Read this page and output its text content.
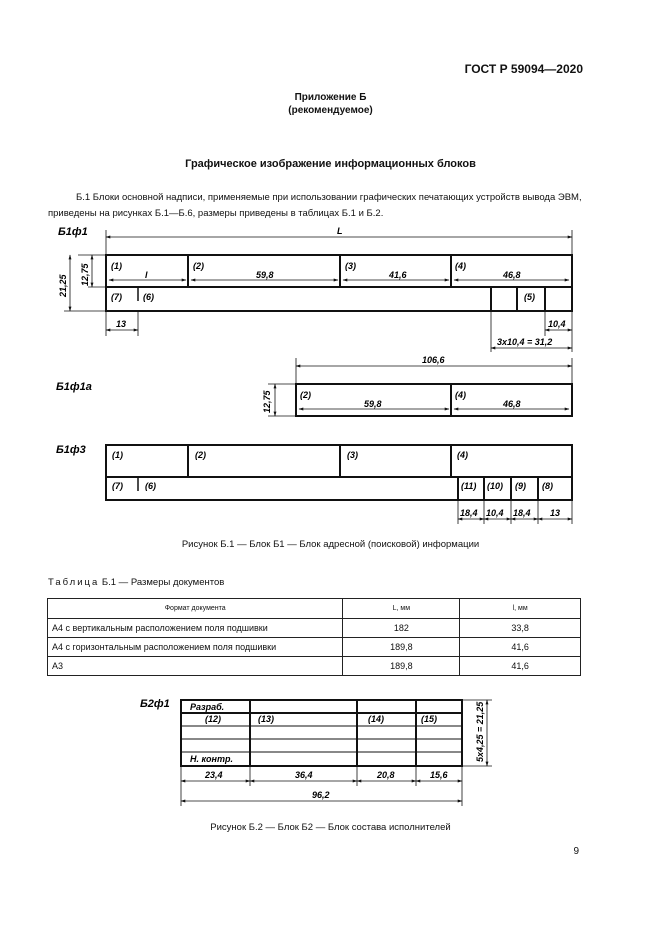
ГОСТ Р 59094—2020
Приложение Б
(рекомендуемое)
Графическое изображение информационных блоков
Б.1 Блоки основной надписи, применяемые при использовании графических печатающих устройств вывода ЭВМ, приведены на рисунках Б.1—Б.6, размеры приведены в таблицах Б.1 и Б.2.
Б1ф1	L
21,25 12,75 (1)	(2)	(3)	(4)
l	59,8	41,6	46,8
(7) (6)	(5)
13	10,4
3х10,4 = 31,2
Б1ф1а
106,6
12,75	(2)	(4)
59,8	46,8
Б1ф3	(1)	(2)	(3)	(4)
(7) (6)	(11) (10) (9) (8)
18,4 10,4 18,4 13
Рисунок Б.1 — Блок Б1 — Блок адресной (поисковой) информации
Таблица Б.1 — Размеры документов
Формат документа	L, мм	l, мм
А4 с вертикальным расположением поля подшивки	182	33,8
А4 с горизонтальным расположением поля подшивки	189,8	41,6
А3	189,8	41,6
Б2ф1 Разраб.
(12)	(13)	(14)	(15)
Н. контр.
23,4	36,4	20,8	15,6
96,2
5х4,25 = 21,25
Рисунок Б.2 — Блок Б2 — Блок состава исполнителей
9
